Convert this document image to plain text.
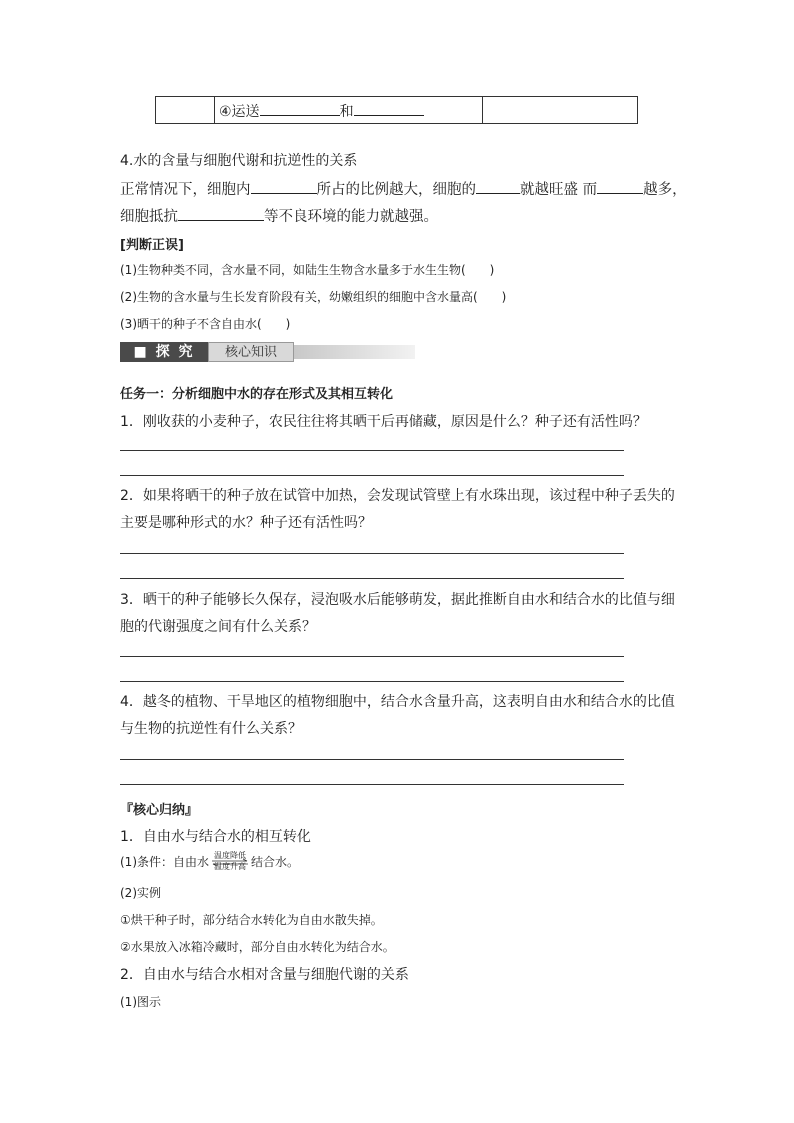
④运送	和
4.水的含量与细胞代谢和抗逆性的关系
正常情况下，细胞内	所占的比例越大，细胞的	就越旺盛 而	越多，
细胞抵抗	等不良环境的能力就越强。
[判断正误]
(1)生物种类不同，含水量不同，如陆生生物含水量多于水生生物(　　)
(2)生物的含水量与生长发育阶段有关，幼嫩组织的细胞中含水量高(　　)
(3)晒干的种子不含自由水(　　)
■ 探 究	核心知识
任务一：分析细胞中水的存在形式及其相互转化
1．刚收获的小麦种子，农民往往将其晒干后再储藏，原因是什么？种子还有活性吗？
2．如果将晒干的种子放在试管中加热，会发现试管壁上有水珠出现，该过程中种子丢失的
主要是哪种形式的水？种子还有活性吗？
3．晒干的种子能够长久保存，浸泡吸水后能够萌发，据此推断自由水和结合水的比值与细
胞的代谢强度之间有什么关系？
4．越冬的植物、干旱地区的植物细胞中，结合水含量升高，这表明自由水和结合水的比值
与生物的抗逆性有什么关系？
『核心归纳』
1．自由水与结合水的相互转化
(1)条件：自由水 温度降低
温度升高 结合水。
(2)实例
①烘干种子时，部分结合水转化为自由水散失掉。
②水果放入冰箱冷藏时，部分自由水转化为结合水。
2．自由水与结合水相对含量与细胞代谢的关系
(1)图示
